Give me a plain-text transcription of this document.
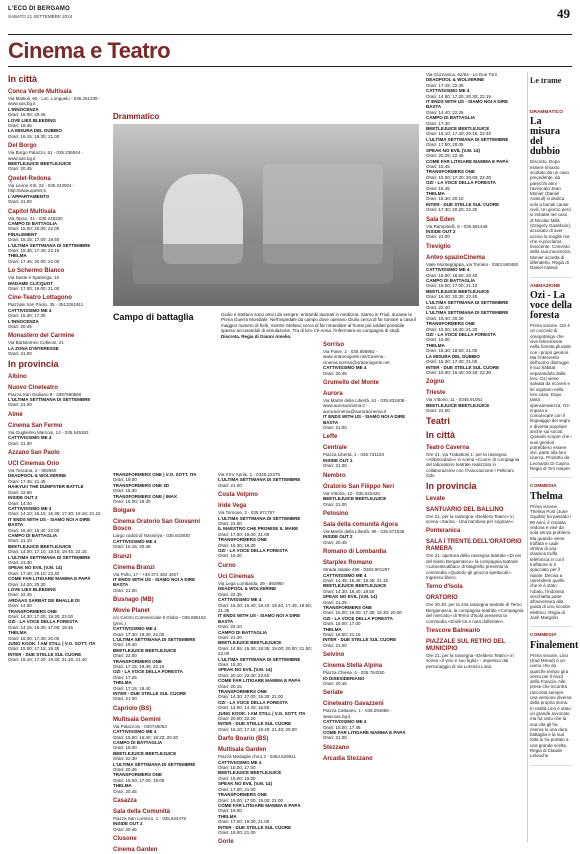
L'ECO DI BERGAMO
SABATO 21 SETTEMBRE 2024	49
Cinema e Teatro
In città
Conca Verde Multisala
Via Mattioli, 65 - Loc. Longuelo - 035.251339 - www.sas.bg.it
L'INNOCENZA
Orari: 16.00; 20.45
LOVE LIES BLEEDING
Orari: 18.45
LA MISURA DEL DUBBIO
Orari: 16.15; 18.30; 21.00
Del Borgo
Via Borgo Palazzo, 51 - 035.236944 - www.sas.bg.it
BEETLEJUICE BEETLEJUICE
Orari: 20.45
Qoelet-Redona
Via Leone XIII, 22 - 035.243904 - http://www.qoelet.it
L'APPARTAMENTO
Orari: 21.00
Capitol Multisala
Via Tasso, 41 - 035.248330
CAMPO DI BATTAGLIA
Orari: 15.00; 20.00; 22.00
FINALEMENT
Orari: 15.15; 17.00; 19.50
L'ULTIMA SETTIMANA DI SETTEMBRE
Orari: 15.30; 17.30; 22.15
THELMA
Orari: 17.45; 20.00; 22.00
Lo Schermo Bianco
Via Daste e Spalenga, 15
MADAME CLICQUOT
Orari: 17.00; 19.00; 21.00
Cine-Teatro Lottagono
Piazzale San Paolo, 35 - 3513261911
CATTIVISSIMO ME 4
Orari: 15.30; 17.30
L'INNOCENZA
Orari: 20.45
Monastero del Carmine
Via Bartolomeo Colleoni, 21
LA ZONA D'INTERESSE
Orari: 21.00
In provincia
Albino
Nuovo Cineteatro
Piazza San Giuliano 9 - 3387590560
L'ULTIMA SETTIMANA DI SETTEMBRE
Orari: 21.00
Almè
Cinema San Fermo
Via Guglielmo Marconi, 14 - 035.545363
CATTIVISSIMO ME 4
Orari: 21.00
Azzano San Paolo
UCI Cinemas Orio
Via Toscana, 2 - 892960
DEADPOOL & WOLVERINE
Orari: 17.45; 21.45
HAIKYU!! THE DUMPSTER BATTLE
Orari: 22.50
INSIDE OUT 2
Orari: 14.40
CATTIVISSIMO ME 4
Orari: 14.10; 15.15; 16.35; 17.30; 19.15; 21.15
IT ENDS WITH US - SIAMO NOI A DIRE BASTA
Orari: 16.40; 19.40; 22.00
CAMPO DI BATTAGLIA
Orari: 21.10
BEETLEJUICE BEETLEJUICE
Orari: 14.00; 17.10; 18.15; 19.45; 22.15
L'ULTIMA SETTIMANA DI SETTEMBRE
Orari: 21.30
SPEAK NO EVIL (V.M. 14)
Orari: 17.40; 20.10; 22.40
COME FAR LITIGARE MAMMA E PAPÀ
Orari: 14.20; 20.30
LOVE LIES BLEEDING
Orari: 22.45
ARDAAS SARBAT DE BHALLE DI
Orari: 14.00
TRANSFORMERS ONE
Orari: 14.30; 17.00; 19.30; 22.00
OZI - LA VOCE DELLA FORESTA
Orari: 14.15; 16.30; 17.00; 18.45
THELMA
Orari: 15.00; 17.30; 20.00
JUNG KOOK: I AM STILL | V.O. SOTT. ITA
Orari: 15.00; 17.15; 19.30
INTER - DUE STELLE SUL CUORE
Orari: 15.10; 17.20; 19.30; 21.15; 21.40
Drammatico
Campo di battaglia	Giulio e Stefano sono amici da sempre, entrambi laureati in medicina. Siamo in Friuli, durante la Prima Guerra Mondiale. Nell'ospedale da campo dove operano Giulio cerca di far tornare a casa il maggior numero di feriti, mentre Stefano cerca di far rimandare al fronte più soldati possibile spesso accusandoli di simulazione. Tra di loro c'è Anna, l'infermiera ex compagna di studi. Discreta. Regia di Gianni Amelio.
TRANSFORMERS ONE | V.O. SOTT. ITA
Orari: 19.00
TRANSFORMERS ONE 3D
Orari: 15.30
TRANSFORMERS ONE | IMAX
Orari: 16.00; 18.30
Bolgare
Cinema Oratorio San Giovanni Bosco
Largo caduti di Nassiriya - 035.843930
CATTIVISSIMO ME 4
Orari: 16.15; 20.45
Branzi
Cinema Branzi
Via Pollo, 17 - +39 371 384 4927
IT ENDS WITH US - SIAMO NOI A DIRE BASTA
Orari: 21.00
Busnago (MB)
Movie Planet
c/o Centro Commerciale Il Globo - 039.695182 (prec.)
CATTIVISSIMO ME 4
Orari: 17.30; 19.30; 22.05
L'ULTIMA SETTIMANA DI SETTEMBRE
Orari: 19.40
BEETLEJUICE BEETLEJUICE
Orari: 22.00
TRANSFORMERS ONE
Orari: 17.15; 19.45; 22.15
OZI - LA VOCE DELLA FORESTA
Orari: 17.25
THELMA
Orari: 17.15; 19.40
INTER - DUE STELLE SUL CUORE
Orari: 21.00
Capriolo (BS)
Multisala Gemini
Via Palazzolo - 030746053
CATTIVISSIMO ME 4
Orari: 15.00; 16.40; 18.20; 20.20
CAMPO DI BATTAGLIA
Orari: 18.30
BEETLEJUICE BEETLEJUICE
Orari: 22.30
L'ULTIMA SETTIMANA DI SETTEMBRE
Orari: 20.45
TRANSFORMERS ONE
Orari: 15.00; 17.00; 19.00
THELMA
Orari: 20.45
Casazza
Sala della Comunità
Piazza San Lorenzo, 1 - 035.824475
INSIDE OUT 2
Orari: 20.45
Clusone
Cinema Garden
Via XXV Aprile, 1 - 0346.22275
L'ULTIMA SETTIMANA DI SETTEMBRE
Orari: 21.00
Costa Volpino
Iride Vega
Via Torrione, 2 - 035.971757
L'ULTIMA SETTIMANA DI SETTEMBRE
Orari: 21.00
IL MAESTRO CHE PROMISE IL MARE
Orari: 17.00; 19.00; 21.00
TRANSFORMERS ONE
Orari: 16.30; 18.30
OZI - LA VOCE DELLA FORESTA
Orari: 15.30
Curno
Uci Cinemas
Via Lega Lombarda, 39 - 892960
DEADPOOL & WOLVERINE
Orari: 22.35
CATTIVISSIMO ME 4
Orari: 15.20; 16.40; 18.10; 19.40; 17.45; 18.50; 21.35
IT ENDS WITH US - SIAMO NOI A DIRE BASTA
Orari: 22.10
CAMPO DI BATTAGLIA
Orari: 21.20
BEETLEJUICE BEETLEJUICE
Orari: 14.55; 15.30; 18.35; 19.00; 20.00; 21.50; 22.00
L'ULTIMA SETTIMANA DI SETTEMBRE
Orari: 15.20
SPEAK NO EVIL (V.M. 14)
Orari: 20.10; 22.30; 23.50
COME FAR LITIGARE MAMMA E PAPÀ
Orari: 20.15
TRANSFORMERS ONE
Orari: 14.30; 17.00; 19.30; 21.00
OZI - LA VOCE DELLA FORESTA
Orari: 14.00; 14.40; 16.50
JUNG KOOK: I AM STILL | V.O. SOTT. ITA
Orari: 20.00; 22.20
INTER - DUE STELLE SUL CUORE
Orari: 15.10; 17.15; 19.40; 21.40; 20.00
Darfo Boario (BS)
Multisala Garden
Piazza Medaglie d'oro 2 - 0364.529911
CATTIVISSIMO ME 4
Orari: 15.00; 17.00
BEETLEJUICE BEETLEJUICE
Orari: 15.00; 19.00
SPEAK NO EVIL (V.M. 14)
Orari: 17.00; 21.00
TRANSFORMERS ONE
Orari: 15.00; 17.00; 19.00; 21.00
COME FAR LITIGARE MAMMA E PAPÀ
Orari: 19.00
THELMA
Orari: 17.00; 19.00; 21.00
INTER - DUE STELLE SUL CUORE
Orari: 19.00; 21.00
Gorle
Sorriso
Via Piave, 2 - 035.656962 - www.oratoriogorle.net/Cinema - cinema.sorriso@oratoriogorle.net
CATTIVISSIMO ME 4
Orari: 20.45
Grumello del Monte
Aurora
Via Martiri della Libertà, 61 - 035.833408 - www.auroracinema.it - auroracinema@auroracinema.it
IT ENDS WITH US - SIAMO NOI A DIRE BASTA
Orari: 21.00
Leffe
Centrale
Piazza Libertà, 1 - 035.731154
INSIDE OUT 2
Orari: 21.00
Nembro
Oratorio San Filippo Neri
Via Vittoria, 12 - 035.520420
BEETLEJUICE BEETLEJUICE
Orari: 21.00
Petosino
Sala della comunità Agora
Via Martiri della Libertà, 95 - 035.571536
INSIDE OUT 2
Orari: 20.45
Romano di Lombardia
Starplex Romano
Strada statale 498 - 0363.901297
CATTIVISSIMO ME 4
Orari: 14.45; 16.45; 18.45; 21.15
BEETLEJUICE BEETLEJUICE
Orari: 14.30; 16.40; 18.50
SPEAK NO EVIL (V.M. 14)
Orari: 21.25
TRANSFORMERS ONE
Orari: 15.00; 16.00; 17.30; 18.30; 20.00
OZI - LA VOCE DELLA FORESTA
Orari: 15.00; 17.00
THELMA
Orari: 18.50; 21.15
INTER - DUE STELLE SUL CUORE
Orari: 21.00
Selvino
Cinema Stella Alpina
Piazza Chiesa, 4 - 035.764250
IO DISESIDERIANO
Orari: 20.45
Seriate
Cineteatro Gavazzeni
Piazza Cattaneo, 1 - 035.294868 - www.sas.bg.it
CATTIVISSIMO ME 4
Orari: 15.00; 17.45
COME FAR LITIGARE MAMMA E PAPÀ
Orari: 21.00
Stezzano
Arcadia Stezzano
Via Guzzanica, 62/64 - Le Due Torri
DEADPOOL & WOLVERINE
Orari: 17.15; 22.35
CATTIVISSIMO ME 4
Orari: 14.50; 17.20; 20.30; 22.15
IT ENDS WITH US - SIAMO NOI A DIRE BASTA
Orari: 14.40; 22.25
CAMPO DI BATTAGLIA
Orari: 17.40
BEETLEJUICE BEETLEJUICE
Orari: 15.10; 17.40; 20.15; 22.40
L'ULTIMA SETTIMANA DI SETTEMBRE
Orari: 17.50; 20.05
SPEAK NO EVIL (V.M. 14)
Orari: 20.25; 22.45
COME FAR LITIGARE MAMMA E PAPÀ
Orari: 15.45
TRANSFORMERS ONE
Orari: 15.00; 17.30; 20.00; 22.30
OZI - LA VOCE DELLA FORESTA
Orari: 15.45
THELMA
Orari: 15.30; 20.10
INTER - DUE STELLE SUL CUORE
Orari: 17.30; 20.20; 22.30
Sala Eden
Via Rampinelli, 9 - 035.591449
INSIDE OUT 2
Orari: 21.00
Treviglio
Anteo spazioCinema
Viale Montegrappa, via Torriani - 0363.560460
CATTIVISSIMO ME 4
Orari: 15.00; 16.50; 20.40
CAMPO DI BATTAGLIA
Orari: 15.00; 17.00; 21.10
BEETLEJUICE BEETLEJUICE
Orari: 16.40; 20.30; 22.40
L'ULTIMA SETTIMANA DI SETTEMBRE
Orari: 22.40
L'ULTIMA SETTIMANA DI SETTEMBRE
Orari: 16.40; 20.30
TRANSFORMERS ONE
Orari: 15.00; 18.30; 21.20
OZI - LA VOCE DELLA FORESTA
Orari: 15.00
THELMA
Orari: 15.30; 18.50; 21.00
LA MISURA DEL DUBBIO
Orari: 15.30; 17.30; 21.00
INTER - DUE STELLE SUL CUORE
Orari: 15.00; 16.40; 20.40; 22.30
Zogno
Trieste
Via Vittorio, 11 - 0345.91051
BEETLEJUICE BEETLEJUICE
Orari: 21.00
Teatri
In città
Teatro Caverna
Ore 21, via Trabattoni 1: per la rassegna «Abbecedario» in scena «Cuori» di compagnia del laboratorio teatrale realizzato in collaborazione con l'Associazione I Pellicani Odv.
In provincia
Levate
SANTUARIO DEL BALLINO
Ore 21: per la rassegna «Deldera Teatro» in scena «Sarina - Una bambina per sognare».
Ponteranica
SALA I TRENTE DELL'ORATORIO RAMERA
Ore 21: apertura della rassegna teatrale «Di nei del teatro Bergamasco» la compagnia teatrale «Lamenticalbau» di Magnello presenta la commedia «Quando gli gnocca spettacoli». Ingresso libero.
Terno d'Isola
ORATORIO
Ore 20.30: per la 24a rassegna teatrale di Terno Bergamasca, la compagnia teatrale «Compagnia del mercato» di Terno d'Isola presenta la commedia «Endè tot e nota dolfentèe».
Trescore Balneario
PIAZZALE SUL RETRO DEL MUNICIPIO
Ore 21: per la rassegna «Deldera Teatro» in scena «Il vino e suo figlio» - impresso dal personaggio di via Lorenzo Lotto.
Le trame
DRAMMATICO
La misura del dubbio
Discreto. Dopo essere rimasto scottato da un caso precedente, da parecchi anni l'avvocato Jean Monier (Daniel Auteuil) si dedica solo a bonali cause civili. Un giorno però si imbatte nel caso di Nicolas Milik (Grégory Gadebois), accusato di aver ucciso la moglie ma che si proclama innocente. Convinto della sua innocenza, Monier accetta di difenderlo. Regia di Daniel Auteuil.
ANIMAZIONE
Ozi - La voce della foresta
Prima visione. Ozi è un cucciolo di orangotango che vive felicemente nella foresta pluviale con i propri genitori. Ma l'intervento dell'uomo distrugge il suo habitat separandola dalla loro. Ozi viene salvata da ricoveri e lei ospitano nella loro casa. Dopo tanta spensieratezza, Ozi impara a comunicare con il linguaggio dei segni e diventa popolare anche sui social. Quando scopre che i suoi genitori potrebbero essere vivi, parte alla loro ricerca. Prodotto da Leonardo Di Caprio. Regia di Tim Harper.
COMMEDIA
Thelma
Prima visione. Thelma Post (June Squibb) ha passato i 90 anni, è rimasta vedova e vive da sola senza problemi. Ma quando viene truffata e cade vittima di una classica truffa telefonica in cui il truffatore si è spacciato per il nipote. Decisa a riprendersi quello che le è stato rubato, l'indomita vecchietta parte all'avventura alla guida di uno scooter elettrico. Regia di Josh Margolin.
COMMEDIA
Finalement
Prima visione. Lino (Kad Merad) è un uomo che da qualche tempo gira verso per il Nord della Francia. Alle prese che incontra racconta sempre una versione diversa della propria storia. In realtà Lino è stato un grande avvocato ma ha visto che la sua vita gli ha riserva lo una dura battaglia e la sua lotta lo ha portato a una grande scelta. Regia di Claude Lelouche.
